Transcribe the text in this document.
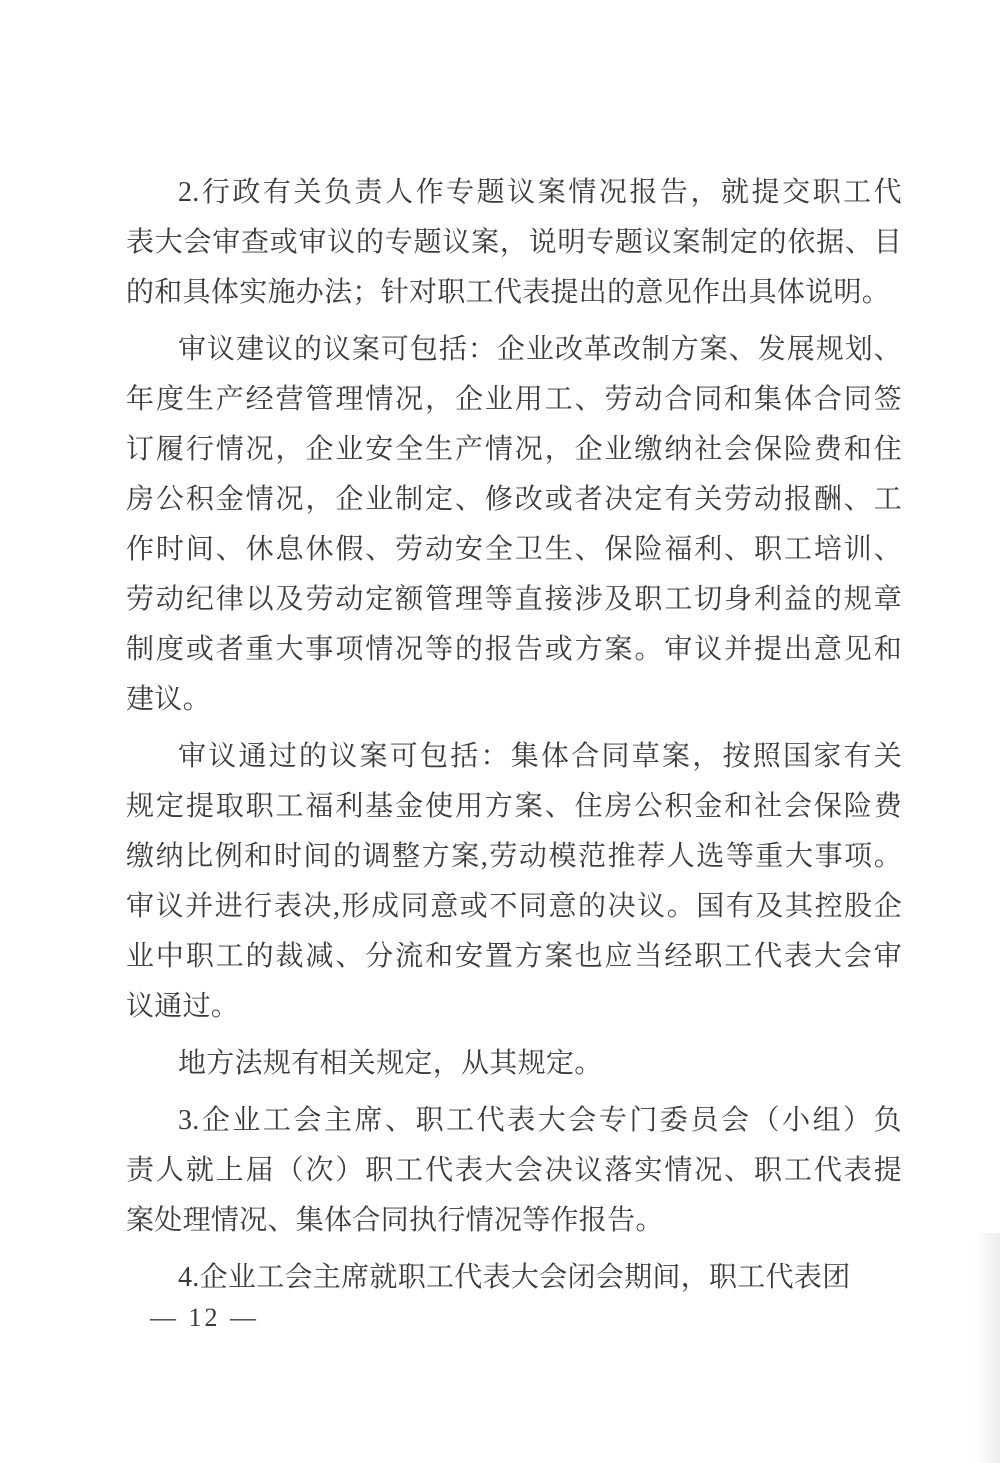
2.行政有关负责人作专题议案情况报告，就提交职工代
表大会审查或审议的专题议案，说明专题议案制定的依据、目
的和具体实施办法；针对职工代表提出的意见作出具体说明。
审议建议的议案可包括：企业改革改制方案、发展规划、
年度生产经营管理情况，企业用工、劳动合同和集体合同签
订履行情况，企业安全生产情况，企业缴纳社会保险费和住
房公积金情况，企业制定、修改或者决定有关劳动报酬、工
作时间、休息休假、劳动安全卫生、保险福利、职工培训、
劳动纪律以及劳动定额管理等直接涉及职工切身利益的规章
制度或者重大事项情况等的报告或方案。审议并提出意见和
建议。
审议通过的议案可包括：集体合同草案，按照国家有关
规定提取职工福利基金使用方案、住房公积金和社会保险费
缴纳比例和时间的调整方案,劳动模范推荐人选等重大事项。
审议并进行表决,形成同意或不同意的决议。国有及其控股企
业中职工的裁减、分流和安置方案也应当经职工代表大会审
议通过。
地方法规有相关规定，从其规定。
3.企业工会主席、职工代表大会专门委员会（小组）负
责人就上届（次）职工代表大会决议落实情况、职工代表提
案处理情况、集体合同执行情况等作报告。
4.企业工会主席就职工代表大会闭会期间，职工代表团
— 12 —
